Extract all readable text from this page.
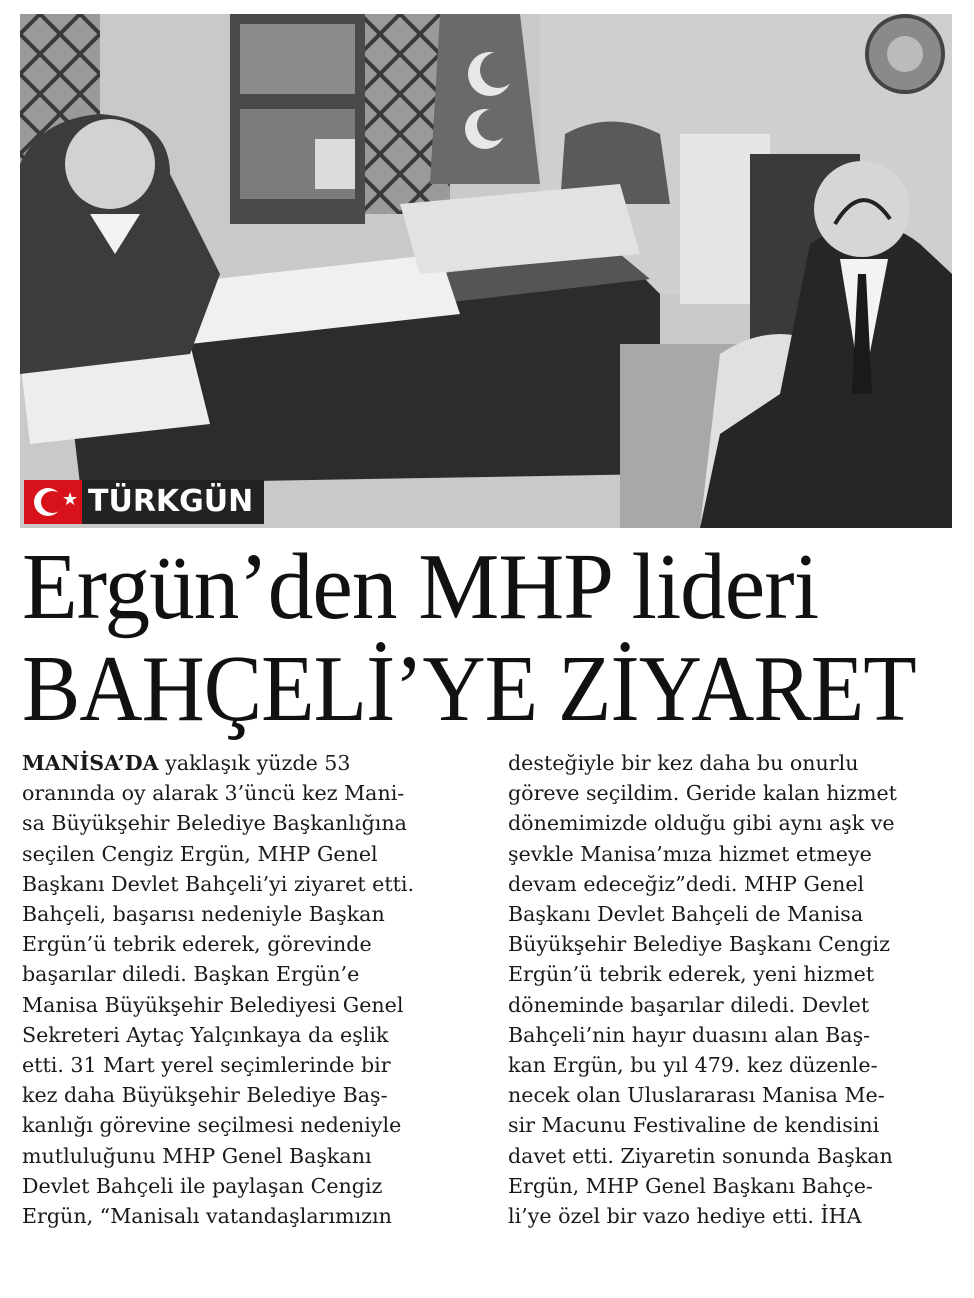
★ TÜRKGÜN
Ergün’den MHP lideri
BAHÇELİ’YE ZİYARET
MANİSA’DA yaklaşık yüzde 53
oranında oy alarak 3’üncü kez Mani-
sa Büyükşehir Belediye Başkanlığına
seçilen Cengiz Ergün, MHP Genel
Başkanı Devlet Bahçeli’yi ziyaret etti.
Bahçeli, başarısı nedeniyle Başkan
Ergün’ü tebrik ederek, görevinde
başarılar diledi. Başkan Ergün’e
Manisa Büyükşehir Belediyesi Genel
Sekreteri Aytaç Yalçınkaya da eşlik
etti. 31 Mart yerel seçimlerinde bir
kez daha Büyükşehir Belediye Baş-
kanlığı görevine seçilmesi nedeniyle
mutluluğunu MHP Genel Başkanı
Devlet Bahçeli ile paylaşan Cengiz
Ergün, “Manisalı vatandaşlarımızın
desteğiyle bir kez daha bu onurlu
göreve seçildim. Geride kalan hizmet
dönemimizde olduğu gibi aynı aşk ve
şevkle Manisa’mıza hizmet etmeye
devam edeceğiz”dedi. MHP Genel
Başkanı Devlet Bahçeli de Manisa
Büyükşehir Belediye Başkanı Cengiz
Ergün’ü tebrik ederek, yeni hizmet
döneminde başarılar diledi. Devlet
Bahçeli’nin hayır duasını alan Baş-
kan Ergün, bu yıl 479. kez düzenle-
necek olan Uluslararası Manisa Me-
sir Macunu Festivaline de kendisini
davet etti. Ziyaretin sonunda Başkan
Ergün, MHP Genel Başkanı Bahçe-
li’ye özel bir vazo hediye etti. İHA
